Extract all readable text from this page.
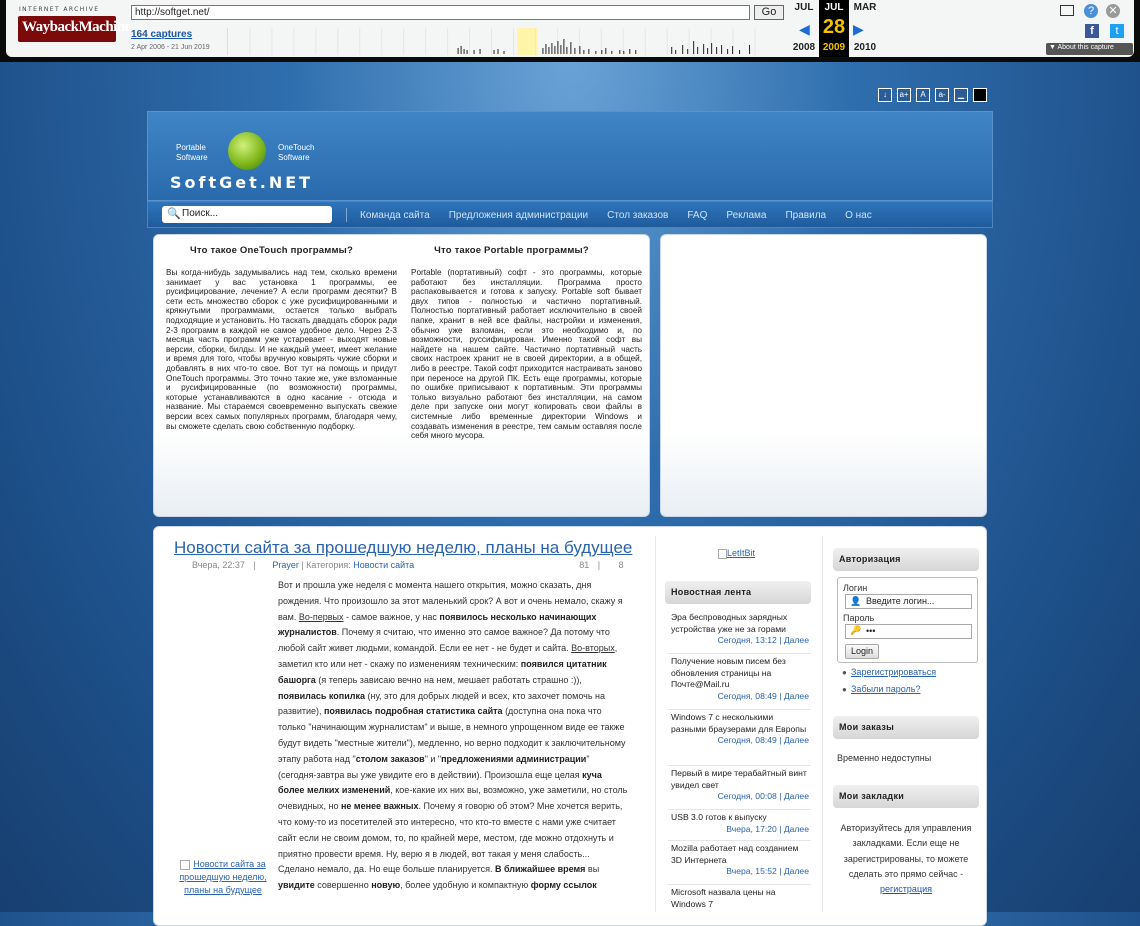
INTERNET ARCHIVE
WaybackMachine
http://softget.net/	Go
164 captures
2 Apr 2006 - 21 Jun 2019
JUL
2008
JUL
2009
MAR
2010
28
◀	▶
?	✕
f	t
▼ About this capture
↓	a+	A	a-	▁
Portable
Software
OneTouch
Software
SoftGet.NET
🔍 Поиск...	Команда сайта Предложения администрации Стол заказов FAQ Реклама Правила О нас
Что такое OneTouch программы?
Вы когда-нибудь задумывались над тем, сколько времени занимает у вас установка 1 программы, ее русифицирование, лечение? А если программ десятки? В сети есть множество сборок с уже русифицированными и крякнутыми программами, остается только выбрать подходящие и установить. Но таскать двадцать сборок ради 2-3 программ в каждой не самое удобное дело. Через 2-3 месяца часть программ уже устаревает - выходят новые версии, сборки, билды. И не каждый умеет, имеет желание и время для того, чтобы вручную ковырять чужие сборки и добавлять в них что-то свое. Вот тут на помощь и придут OneTouch программы. Это точно такие же, уже взломанные и русифицированные (по возможности) программы, которые устанавливаются в одно касание - отсюда и название. Мы стараемся своевременно выпускать свежие версии всех самых популярных программ, благодаря чему, вы сможете сделать свою собственную подборку.
Что такое Portable программы?
Portable (портативный) софт - это программы, которые работают без инсталляции. Программа просто распаковывается и готова к запуску. Portable soft бывает двух типов - полностью и частично портативный. Полностью портативный работает исключительно в своей папке, хранит в ней все файлы, настройки и изменения, обычно уже взломан, если это необходимо и, по возможности, руссифицирован. Именно такой софт вы найдете на нашем сайте. Частично портативный часть своих настроек хранит не в своей директории, а в общей, либо в реестре. Такой софт приходится настраивать заново при переносе на другой ПК. Есть еще программы, которые по ошибке приписывают к портативным. Эти программы только визуально работают без инсталляции, на самом деле при запуске они могут копировать свои файлы в системные либо временные директории Windows и создавать изменения в реестре, тем самым оставляя после себя много мусора.
Новости сайта за прошедшую неделю, планы на будущее
Вчера, 22:37 | Prayer | Категория: Новости сайта	81 | 8
Вот и прошла уже неделя с момента нашего открытия, можно сказать, дня рождения. Что произошло за этот маленький срок? А вот и очень немало, скажу я вам. Во-первых - самое важное, у нас появилось несколько начинающих журналистов. Почему я считаю, что именно это самое важное? Да потому что любой сайт живет людьми, командой. Если ее нет - не будет и сайта. Во-вторых, заметил кто или нет - скажу по изменениям техническим: появился цитатник башорга (я теперь зависаю вечно на нем, мешает работать страшно :)), появилась копилка (ну, это для добрых людей и всех, кто захочет помочь на развитие), появилась подробная статистика сайта (доступна она пока что только "начинающим журналистам" и выше, в немного упрощенном виде ее также будут видеть "местные жители"), медленно, но верно подходит к заключительному этапу работа над "столом заказов" и "предложениями администрации" (сегодня-завтра вы уже увидите его в действии). Произошла еще целая куча более мелких изменений, кое-какие их них вы, возможно, уже заметили, но столь очевидных, но не менее важных. Почему я говорю об этом? Мне хочется верить, что кому-то из посетителей это интересно, что кто-то вместе с нами уже считает сайт если не своим домом, то, по крайней мере, местом, где можно отдохнуть и приятно провести время. Ну, верю я в людей, вот такая у меня слабость...
Сделано немало, да. Но еще больше планируется. В ближайшее время вы увидите совершенно новую, более удобную и компактную форму ссылок
Новости сайта за прошедшую неделю, планы на будущее
LetItBit
Новостная лента
Эра беспроводных зарядных устройства уже не за горами
Сегодня, 13:12 | Далее
Получение новым писем без обновления страницы на Почте@Mail.ru
Сегодня, 08:49 | Далее
Windows 7 с несколькими разными браузерами для Европы
Сегодня, 08:49 | Далее
Первый в мире терабайтный винт увидел свет
Сегодня, 00:08 | Далее
USB 3.0 готов к выпуску
Вчера, 17:20 | Далее
Mozilla работает над созданием 3D Интернета
Вчера, 15:52 | Далее
Microsoft назвала цены на Windows 7
Авторизация
Логин
👤 Введите логин...
Пароль
🔑 •••
Login
● Зарегистрироваться
● Забыли пароль?
Мои заказы
Временно недоступны
Мои закладки
Авторизуйтесь для управления закладками. Если еще не зарегистрированы, то можете сделать это прямо сейчас - регистрация
